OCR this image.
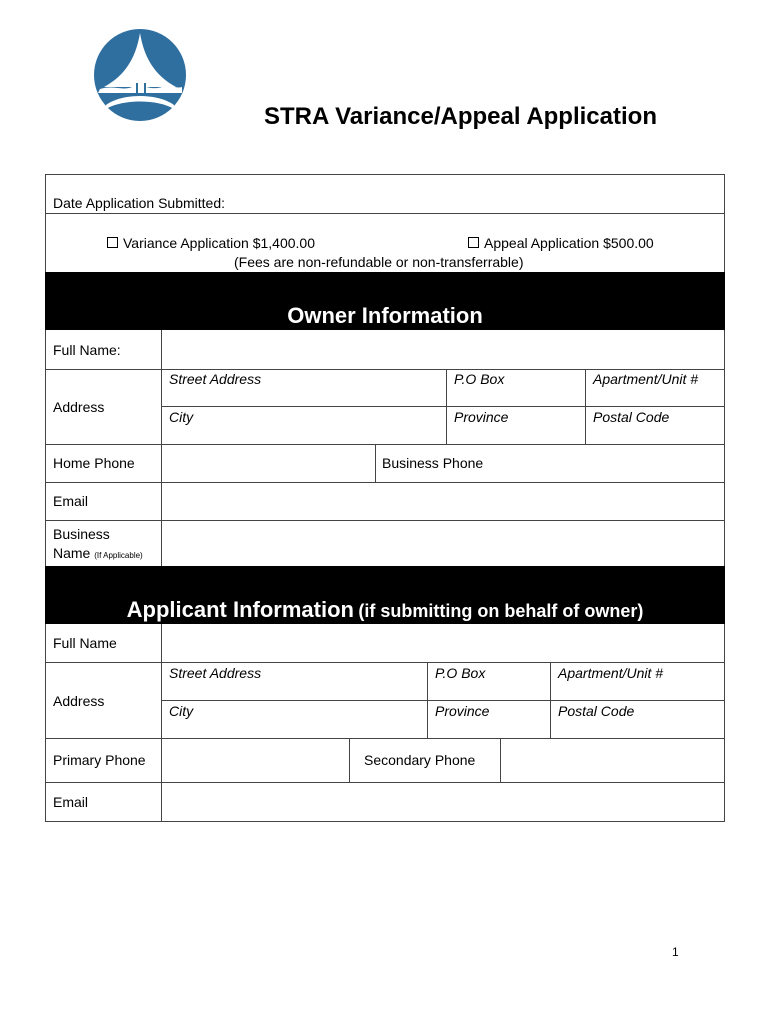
STRA Variance/Appeal Application
Date Application Submitted:
Variance Application $1,400.00	Appeal Application $500.00
(Fees are non-refundable or non-transferrable)
Owner Information
Full Name:
Address
Street Address	P.O Box	Apartment/Unit #
City	Province	Postal Code
Home Phone	Business Phone
Email
Business
Name (If Applicable)
Applicant Information (if submitting on behalf of owner)
Full Name
Address
Street Address	P.O Box	Apartment/Unit #
City	Province	Postal Code
Primary Phone	Secondary Phone
Email
1
